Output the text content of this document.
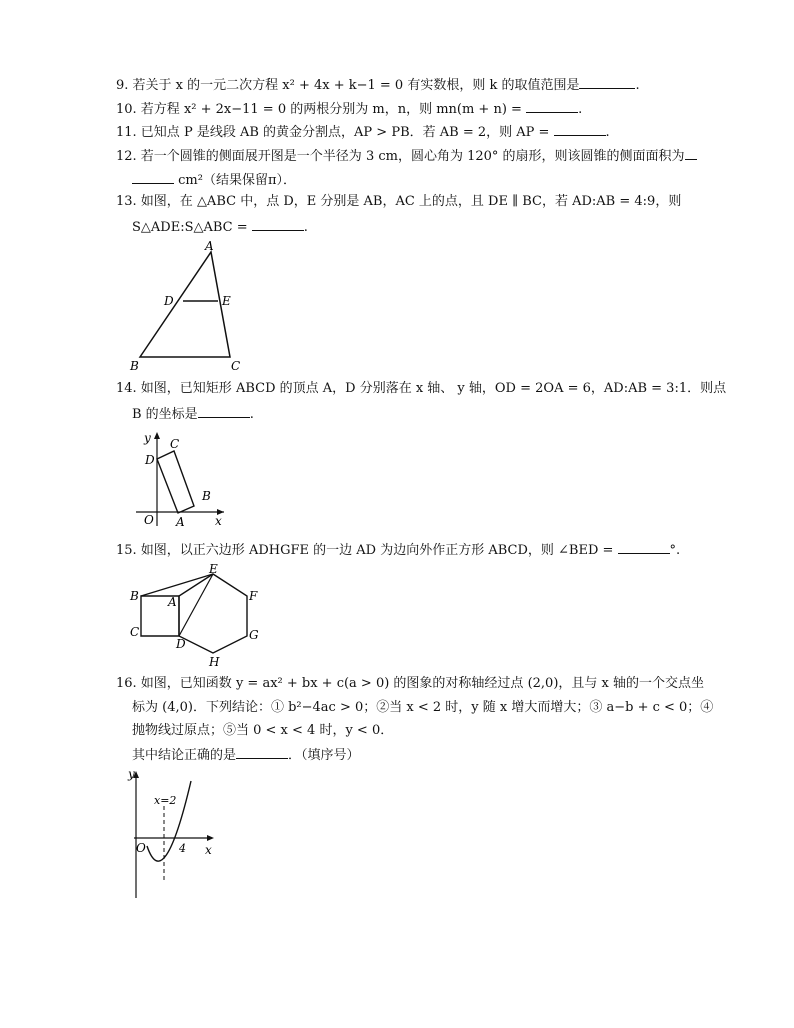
9. 若关于 x 的一元二次方程 x² + 4x + k−1 = 0 有实数根，则 k 的取值范围是	.
10. 若方程 x² + 2x−11 = 0 的两根分别为 m，n，则 mn(m + n) =	.
11. 已知点 P 是线段 AB 的黄金分割点，AP > PB．若 AB = 2，则 AP =	.
12. 若一个圆锥的侧面展开图是一个半径为 3 cm，圆心角为 120° 的扇形，则该圆锥的侧面面积为
cm²（结果保留π）．
13. 如图，在 △ABC 中，点 D，E 分别是 AB，AC 上的点，且 DE ∥ BC，若 AD:AB = 4:9，则
S△ADE:S△ABC =	.
A
D	E
B	C
14. 如图，已知矩形 ABCD 的顶点 A，D 分别落在 x 轴、 y 轴，OD = 2OA = 6，AD:AB = 3:1．则点
B 的坐标是	.
y
x
O A
B
C
D
15. 如图，以正六边形 ADHGFE 的一边 AD 为边向外作正方形 ABCD，则 ∠BED =	°.
E
B A	F
C
D
G
H
16. 如图，已知函数 y = ax² + bx + c(a > 0) 的图象的对称轴经过点 (2,0)，且与 x 轴的一个交点坐
标为 (4,0)．下列结论：① b²−4ac > 0；②当 x < 2 时，y 随 x 增大而增大；③ a−b + c < 0；④
抛物线过原点；⑤当 0 < x < 4 时，y < 0．
其中结论正确的是	．（填序号）
y
x
O	4
x=2
